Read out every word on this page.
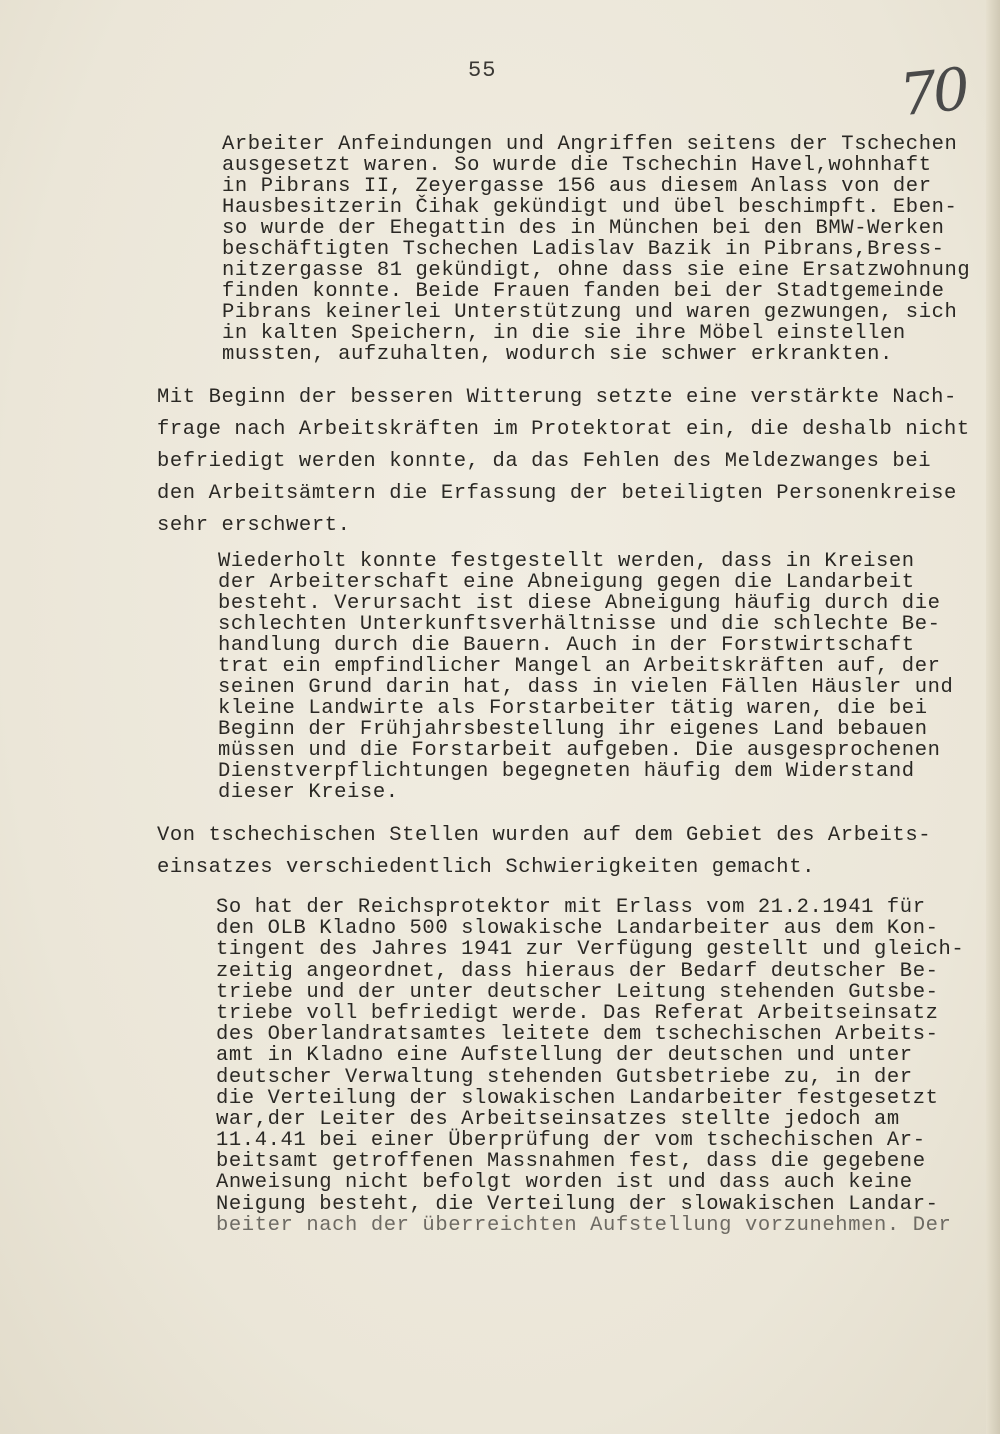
55	70
Arbeiter Anfeindungen und Angriffen seitens der Tschechen
ausgesetzt waren. So wurde die Tschechin Havel,wohnhaft
in Pibrans II, Zeyergasse 156 aus diesem Anlass von der
Hausbesitzerin Čihak gekündigt und übel beschimpft. Eben-
so wurde der Ehegattin des in München bei den BMW-Werken
beschäftigten Tschechen Ladislav Bazik in Pibrans,Bress-
nitzergasse 81 gekündigt, ohne dass sie eine Ersatzwohnung
finden konnte. Beide Frauen fanden bei der Stadtgemeinde
Pibrans keinerlei Unterstützung und waren gezwungen, sich
in kalten Speichern, in die sie ihre Möbel einstellen
mussten, aufzuhalten, wodurch sie schwer erkrankten.
Mit Beginn der besseren Witterung setzte eine verstärkte Nach-
frage nach Arbeitskräften im Protektorat ein, die deshalb nicht
befriedigt werden konnte, da das Fehlen des Meldezwanges bei
den Arbeitsämtern die Erfassung der beteiligten Personenkreise
sehr erschwert.
Wiederholt konnte festgestellt werden, dass in Kreisen
der Arbeiterschaft eine Abneigung gegen die Landarbeit
besteht. Verursacht ist diese Abneigung häufig durch die
schlechten Unterkunftsverhältnisse und die schlechte Be-
handlung durch die Bauern. Auch in der Forstwirtschaft
trat ein empfindlicher Mangel an Arbeitskräften auf, der
seinen Grund darin hat, dass in vielen Fällen Häusler und
kleine Landwirte als Forstarbeiter tätig waren, die bei
Beginn der Frühjahrsbestellung ihr eigenes Land bebauen
müssen und die Forstarbeit aufgeben. Die ausgesprochenen
Dienstverpflichtungen begegneten häufig dem Widerstand
dieser Kreise.
Von tschechischen Stellen wurden auf dem Gebiet des Arbeits-
einsatzes verschiedentlich Schwierigkeiten gemacht.
So hat der Reichsprotektor mit Erlass vom 21.2.1941 für
den OLB Kladno 500 slowakische Landarbeiter aus dem Kon-
tingent des Jahres 1941 zur Verfügung gestellt und gleich-
zeitig angeordnet, dass hieraus der Bedarf deutscher Be-
triebe und der unter deutscher Leitung stehenden Gutsbe-
triebe voll befriedigt werde. Das Referat Arbeitseinsatz
des Oberlandratsamtes leitete dem tschechischen Arbeits-
amt in Kladno eine Aufstellung der deutschen und unter
deutscher Verwaltung stehenden Gutsbetriebe zu, in der
die Verteilung der slowakischen Landarbeiter festgesetzt
war,der Leiter des Arbeitseinsatzes stellte jedoch am
11.4.41 bei einer Überprüfung der vom tschechischen Ar-
beitsamt getroffenen Massnahmen fest, dass die gegebene
Anweisung nicht befolgt worden ist und dass auch keine
Neigung besteht, die Verteilung der slowakischen Landar-
beiter nach der überreichten Aufstellung vorzunehmen. Der
